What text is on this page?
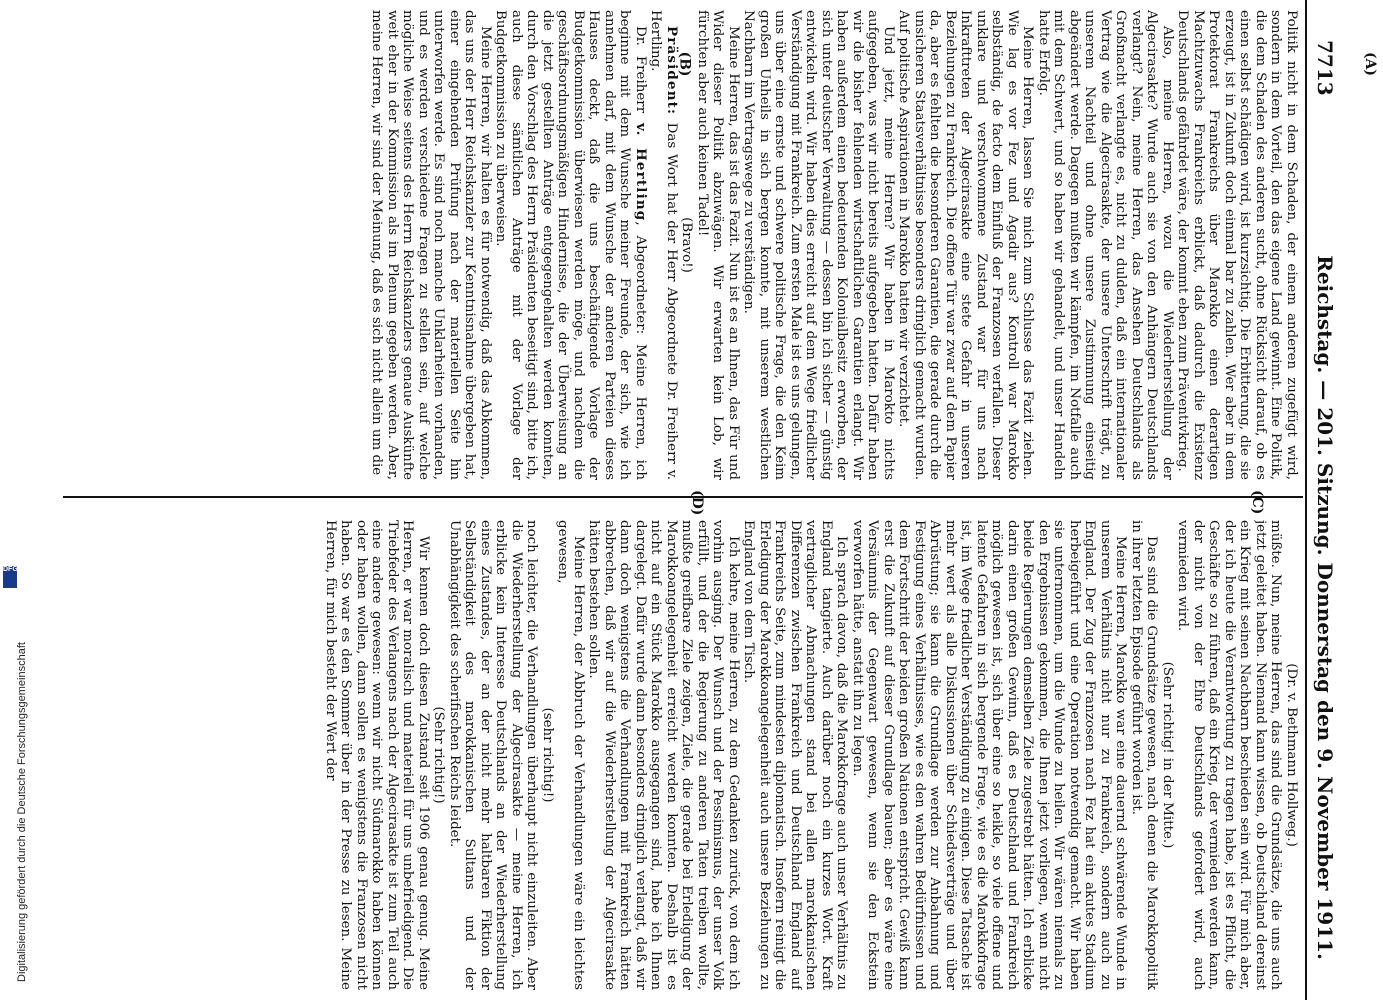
7713
Reichstag. — 201. Sitzung. Donnerstag den 9. November 1911.
(C)
(D)

Politik nicht in dem Schaden, der einem anderen zugefügt wird, sondern in dem Vorteil, den das eigene Land gewinnt. Eine Politik, die dem Schaden des anderen sucht, ohne Rücksicht darauf, ob es einen selbst schädigen wird, ist kurzsichtig. Die Erbitterung, die sie erzeugt, ist in Zukunft doch einmal bar zu zahlen. Wer aber in dem Protektorat Frankreichs über Marokko einen derartigen Machtzuwachs Frankreichs erblickt, daß dadurch die Existenz Deutschlands gefährdet wäre, der kommt eben zum Präventivkrieg.

Also, meine Herren, wozu die Wiederherstellung der Algecirasakte? Wurde auch sie von den Anhängern Deutschlands verlangt? Nein, meine Herren, das Ansehen Deutschlands als Großmacht verlangte es, nicht zu dulden, daß ein internationaler Vertrag wie die Algecirasakte, der unsere Unterschrift trägt, zu unserem Nachteil und ohne unsere Zustimmung einseitig abgeändert werde. Dagegen mußten wir kämpfen, im Notfalle auch mit dem Schwert, und so haben wir gehandelt, und unser Handeln hatte Erfolg.

Meine Herren, lassen Sie mich zum Schlusse das Fazit ziehen. Wie lag es vor Fez und Agadir aus? Kontroll war Marokko selbständig, de facto dem Einfluß der Franzosen verfallen. Dieser unklare und verschwommene Zustand war für uns nach Inkrafttreten der Algecirasakte eine stete Gefahr in unseren Beziehungen zu Frankreich. Die offene Tür war zwar auf dem Papier da, aber es fehlten die besonderen Garantien, die gerade durch die unsicheren Staatsverhältnisse besonders dringlich gemacht wurden. Auf politische Aspirationen in Marokko hatten wir verzichtet.

Und jetzt, meine Herren? Wir haben in Marokto nichts aufgegeben, was wir nicht bereits aufgegeben hatten. Dafür haben wir die bisher fehlenden wirtschaftlichen Garantien erlangt. Wir haben außerdem einen bedeutenden Kolonialbesitz erworben, der sich unter deutscher Verwaltung — dessen bin ich sicher — günstig entwickeln wird. Wir haben dies erreicht auf dem Wege friedlicher Verständigung mit Frankreich. Zum ersten Male ist es uns gelungen, uns über eine ernste und schwere politische Frage, die den Keim großen Unheils in sich bergen konnte, mit unserem westlichen Nachbarn im Vertragswege zu verständigen.

Meine Herren, das ist das Fazit. Nun ist es an Ihnen, das Für und Wider dieser Politik abzuwägen. Wir erwarten kein Lob, wir fürchten aber auch keinen Tadel!

(Bravo!)

Präsident: Das Wort hat der Herr Abgeordnete Dr. Freiherr v. Hertling.

Dr. Freiherr v. Hertling, Abgeordneter: Meine Herren, ich beginne mit dem Wunsche meiner Freunde, der sich, wie ich annehmen darf, mit dem Wunsche der anderen Parteien dieses Hauses deckt, daß die uns beschäftigende Vorlage der Budgetkommission überwiesen werden möge, und nachdem die geschäftsordnungsmäßigen Hindernisse, die der Überweisung an die jetzt gestellten Anträge entgegengehalten werden konnten, durch den Vorschlag des Herrn Präsidenten beseitigt sind, bitte ich, auch diese sämtlichen Anträge mit der Vorlage der Budgetkommission zu überweisen.

Meine Herren, wir halten es für notwendig, daß das Abkommen, das uns der Herr Reichskanzler zur Kenntnisnahme übergeben hat, einer eingehenden Prüfung nach der materiellen Seite hin unterworfen werde. Es sind noch manche Unklarheiten vorhanden, und es werden verschiedene Fragen zu stellen sein, auf welche mögliche Weise seitens des Herrn Reichskanzlers genaue Auskünfte weit eher in der Kommission als im Plenum gegeben werden. Aber, meine Herren, wir sind der Meinung, daß es sich nicht allein um die

(Dr. v. Bethmann Hollweg.)

müßte. Nun, meine Herren, das sind die Grundsätze, die uns auch jetzt geleitet haben. Niemand kann wissen, ob Deutschland dereinst ein Krieg mit seinen Nachbarn beschieden sein wird. Für mich aber, der ich heute die Verantwortung zu tragen habe, ist es Pflicht, die Geschäfte so zu führen, daß ein Krieg, der vermieden werden kann, der nicht von der Ehre Deutschlands gefordert wird, auch vermieden wird.

(Sehr richtig! in der Mitte.)

Das sind die Grundsätze gewesen, nach denen die Marokkopolitik in ihrer letzten Episode geführt worden ist.

Meine Herren, Marokko war eine dauernd schwärende Wunde in unserem Verhältnis nicht nur zu Frankreich, sondern auch zu England. Der Zug der Franzosen nach Fez hat ein akutes Stadium herbeigeführt und eine Operation notwendig gemacht. Wir haben sie unternommen, um die Wunde zu heilen. Wir wären niemals zu den Ergebnissen gekommen, die Ihnen jetzt vorliegen, wenn nicht beide Regierungen demselben Ziele zugestrebt hätten. Ich erblicke darin einen großen Gewinn, daß es Deutschland und Frankreich möglich gewesen ist, sich über eine so heikle, so viele offene und latente Gefahren in sich bergende Frage, wie es die Marokkofrage ist, im Wege friedlicher Verständigung zu einigen. Diese Tatsache ist mehr wert als alle Diskussionen über Schiedsverträge und über Abrüstung; sie kann die Grundlage werden zur Anbahnung und Festigung eines Verhältnisses, wie es den wahren Bedürfnissen und dem Fortschritt der beiden großen Nationen entspricht. Gewiß kann erst die Zukunft auf dieser Grundlage bauen; aber es wäre eine Versäumnis der Gegenwart gewesen, wenn sie den Eckstein verworfen hätte, anstatt ihn zu legen.

Ich sprach davon, daß die Marokkofrage auch unser Verhältnis zu England tangierte. Auch darüber noch ein kurzes Wort. Kraft vertraglicher Abmachungen stand bei allen marokkanischen Differenzen zwischen Frankreich und Deutschland England auf Frankreichs Seite, zum mindesten diplomatisch. Insofern reinigt die Erledigung der Marokkoangelegenheit auch unsere Beziehungen zu England von dem Tisch.

Ich kehre, meine Herren, zu dem Gedanken zurück, von dem ich vorhin ausging. Der Wunsch und der Pessimismus, der unser Volk erfüllt, und der die Regierung zu anderen Taten treiben wollte, mußte greifbare Ziele zeigen, Ziele, die gerade bei Erledigung der Marokkoangelegenheit erreicht werden konnten. Deshalb ist es nicht auf ein Stück Marokko ausgegangen sind, habe ich Ihnen dargelegt. Dafür wurde dann besonders dringlich verlangt, daß wir dann doch wenigstens die Verhandlungen mit Frankreich hätten abbrechen, daß wir auf die Wiederherstellung der Algecirasakte hätten bestehen sollen.

Meine Herren, der Abbruch der Verhandlungen wäre ein leichtes gewesen,

(sehr richtig!)

noch leichter, die Verhandlungen überhaupt nicht einzuleiten. Aber die Wiederherstellung der Algecirasakte — meine Herren, ich erblicke kein Interesse Deutschlands an der Wiederherstellung eines Zustandes, der an der nicht mehr haltbaren Fiktion der Selbständigkeit des marokkanischen Sultans und der Unabhängigkeit des scherifischen Reichs leidet.

(Sehr richtig!)

Wir kennen doch diesen Zustand seit 1906 genau genug. Meine Herren, er war moralisch und materiell für uns unbefriedigend. Die Triebfeder des Verlangens nach der Algecirasakte ist zum Teil auch eine andere gewesen: wenn wir nicht Südmarokko haben können oder haben wollen, dann sollen es wenigstens die Franzosen nicht haben. So war es den Sommer über in der Presse zu lesen. Meine Herren, für mich besteht der Wert der

(A)
(B)
Digitalisierung gefördert durch die Deutsche Forschungsgemeinschaft
DFG
